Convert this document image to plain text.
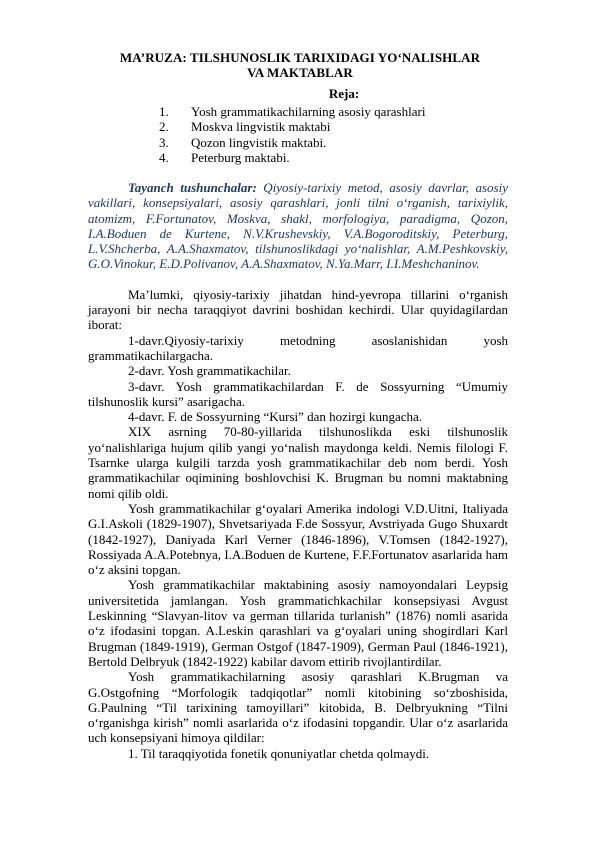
MA’RUZA: TILSHUNOSLIK TARIXIDAGI YO‘NALISHLAR VA MAKTABLAR
Reja:
1. Yosh grammatikachilarning asosiy qarashlari
2. Moskva lingvistik maktabi
3. Qozon lingvistik maktabi.
4. Peterburg maktabi.

Tayanch tushunchalar: Qiyosiy-tarixiy metod, asosiy davrlar, asosiy vakillari, konsepsiyalari, asosiy qarashlari, jonli tilni o‘rganish, tarixiylik, atomizm, F.Fortunatov, Moskva, shakl, morfologiya, paradigma, Qozon, I.A.Boduen de Kurtene, N.V.Krushevskiy, V.A.Bogoroditskiy, Peterburg, L.V.Shcherba, A.A.Shaxmatov, tilshunoslikdagi yo‘nalishlar, A.M.Peshkovskiy, G.O.Vinokur, E.D.Polivanov, A.A.Shaxmatov, N.Ya.Marr, I.I.Meshchaninov.

Ma’lumki, qiyosiy-tarixiy jihatdan hind-yevropa tillarini o‘rganish jarayoni bir necha taraqqiyot davrini boshidan kechirdi. Ular quyidagilardan iborat:

1-davr.Qiyosiy-tarixiy	metodning	asoslanishidan	yosh

grammatikachilargacha.

2-davr. Yosh grammatikachilar.

3-davr. Yosh grammatikachilardan F. de Sossyurning “Umumiy tilshunoslik kursi” asarigacha.

4-davr. F. de Sossyurning “Kursi” dan hozirgi kungacha.

XIX asrning 70-80-yillarida tilshunoslikda eski tilshunoslik yo‘nalishlariga hujum qilib yangi yo‘nalish maydonga keldi. Nemis filologi F. Tsarnke ularga kulgili tarzda yosh grammatikachilar deb nom berdi. Yosh grammatikachilar oqimining boshlovchisi K. Brugman bu nomni maktabning nomi qilib oldi.

Yosh grammatikachilar g‘oyalari Amerika indologi V.D.Uitni, Italiyada G.I.Askoli (1829-1907), Shvetsariyada F.de Sossyur, Avstriyada Gugo Shuxardt (1842-1927), Daniyada Karl Verner (1846-1896), V.Tomsen (1842-1927), Rossiyada A.A.Potebnya, I.A.Boduen de Kurtene, F.F.Fortunatov asarlarida ham o‘z aksini topgan.

Yosh grammatikachilar maktabining asosiy namoyondalari Leypsig universitetida jamlangan. Yosh grammatichkachilar konsepsiyasi Avgust Leskinning “Slavyan-litov va german tillarida turlanish” (1876) nomli asarida o‘z ifodasini topgan. A.Leskin qarashlari va g‘oyalari uning shogirdlari Karl Brugman (1849-1919), German Ostgof (1847-1909), German Paul (1846-1921), Bertold Delbryuk (1842-1922) kabilar davom ettirib rivojlantirdilar.

Yosh grammatikachilarning asosiy qarashlari K.Brugman va G.Ostgofning “Morfologik tadqiqotlar” nomli kitobining so‘zboshisida, G.Paulning “Til tarixining tamoyillari” kitobida, B. Delbryukning “Tilni o‘rganishga kirish” nomli asarlarida o‘z ifodasini topgandir. Ular o‘z asarlarida uch konsepsiyani himoya qildilar:

1. Til taraqqiyotida fonetik qonuniyatlar chetda qolmaydi.
